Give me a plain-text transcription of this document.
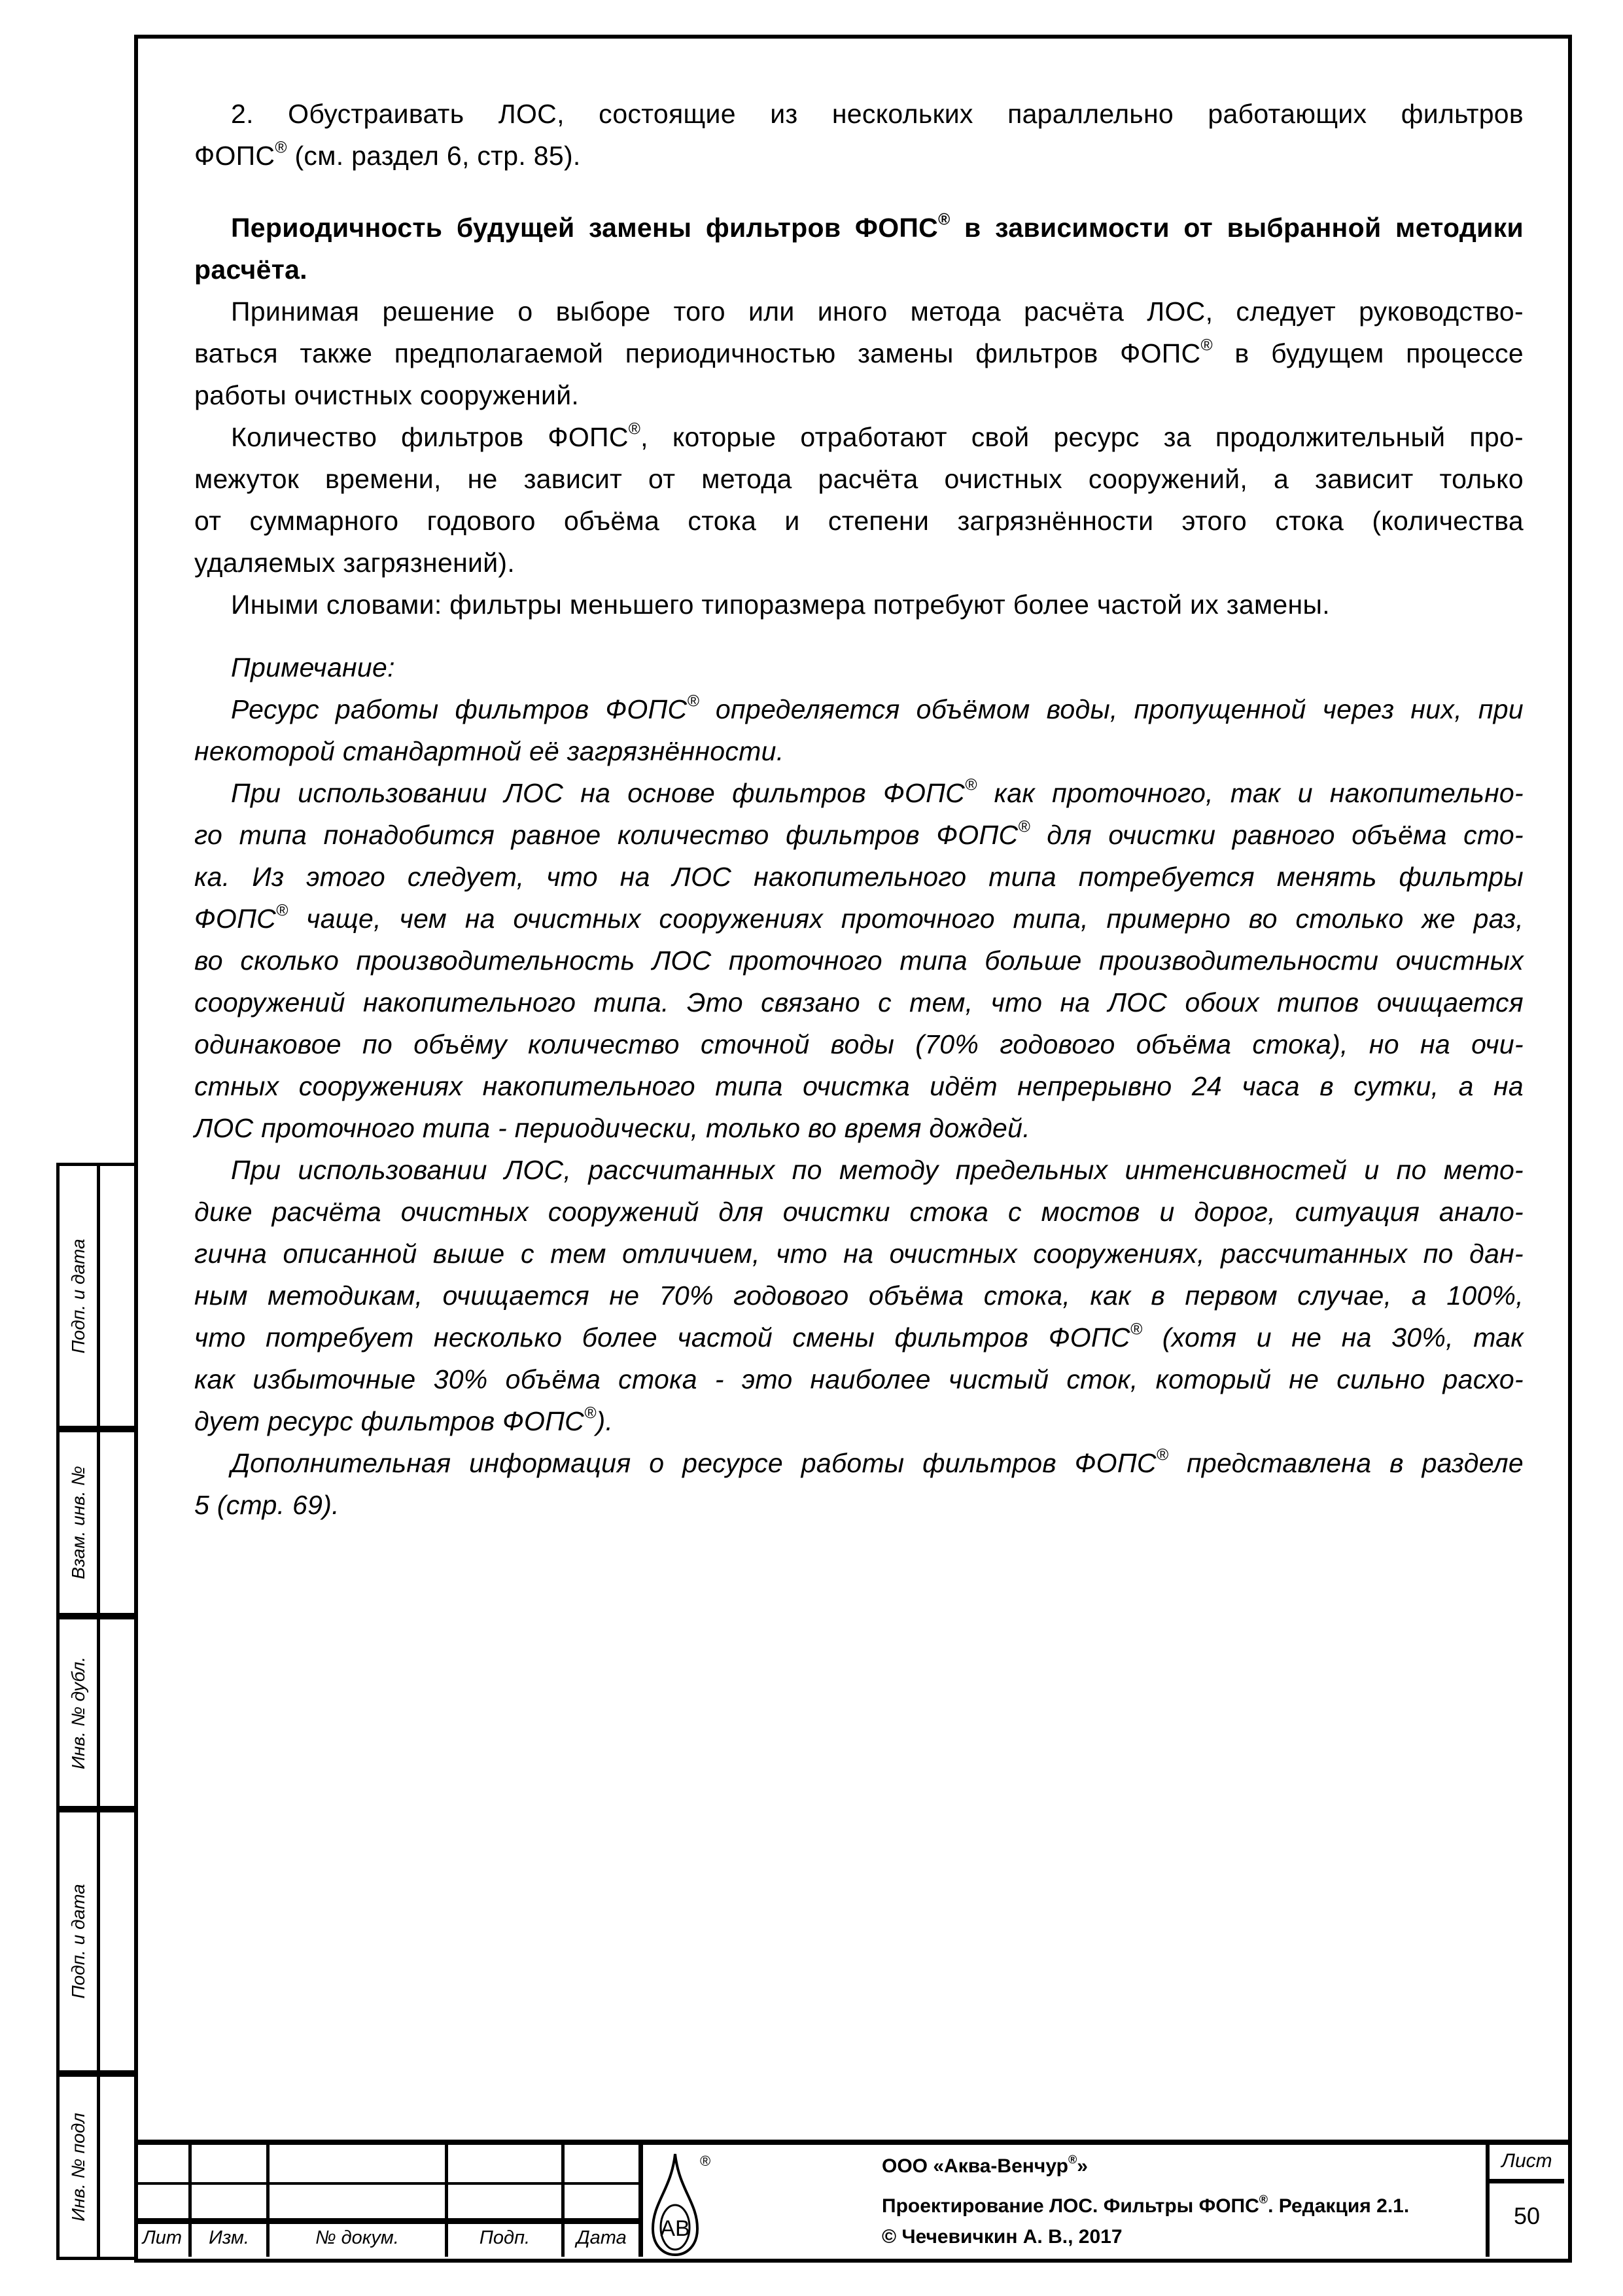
2. Обустраивать ЛОС, состоящие из нескольких параллельно работающих фильтров
ФОПС® (см. раздел 6, стр. 85).
Периодичность будущей замены фильтров ФОПС® в зависимости от выбранной методики
расчёта.
Принимая решение о выборе того или иного метода расчёта ЛОС, следует руководство-
ваться также предполагаемой периодичностью замены фильтров ФОПС® в будущем процессе
работы очистных сооружений.
Количество фильтров ФОПС®, которые отработают свой ресурс за продолжительный про-
межуток времени, не зависит от метода расчёта очистных сооружений, а зависит только
от суммарного годового объёма стока и степени загрязнённости этого стока (количества
удаляемых загрязнений).
Иными словами: фильтры меньшего типоразмера потребуют более частой их замены.
Примечание:
Ресурс работы фильтров ФОПС® определяется объёмом воды, пропущенной через них, при
некоторой стандартной её загрязнённости.
При использовании ЛОС на основе фильтров ФОПС® как проточного, так и накопительно-
го типа понадобится равное количество фильтров ФОПС® для очистки равного объёма сто-
ка. Из этого следует, что на ЛОС накопительного типа потребуется менять фильтры
ФОПС® чаще, чем на очистных сооружениях проточного типа, примерно во столько же раз,
во сколько производительность ЛОС проточного типа больше производительности очистных
сооружений накопительного типа. Это связано с тем, что на ЛОС обоих типов очищается
одинаковое по объёму количество сточной воды (70% годового объёма стока), но на очи-
стных сооружениях накопительного типа очистка идёт непрерывно 24 часа в сутки, а на
ЛОС проточного типа - периодически, только во время дождей.
При использовании ЛОС, рассчитанных по методу предельных интенсивностей и по мето-
дике расчёта очистных сооружений для очистки стока с мостов и дорог, ситуация анало-
гична описанной выше с тем отличием, что на очистных сооружениях, рассчитанных по дан-
ным методикам, очищается не 70% годового объёма стока, как в первом случае, а 100%,
что потребует несколько более частой смены фильтров ФОПС® (хотя и не на 30%, так
как избыточные 30% объёма стока - это наиболее чистый сток, который не сильно расхо-
дует ресурс фильтров ФОПС®).
Дополнительная информация о ресурсе работы фильтров ФОПС® представлена в разделе
5 (стр. 69).
Подп. и дата
Взам. инв. №
Инв. № дубл.
Подп. и дата
Инв. № подл
Лит	Изм.	№ докум.	Подп.	Дата	АВ
®	ООО «Аква-Венчур®»
Проектирование ЛОС. Фильтры ФОПС®. Редакция 2.1.
© Чечевичкин А. В., 2017
Лист
50
